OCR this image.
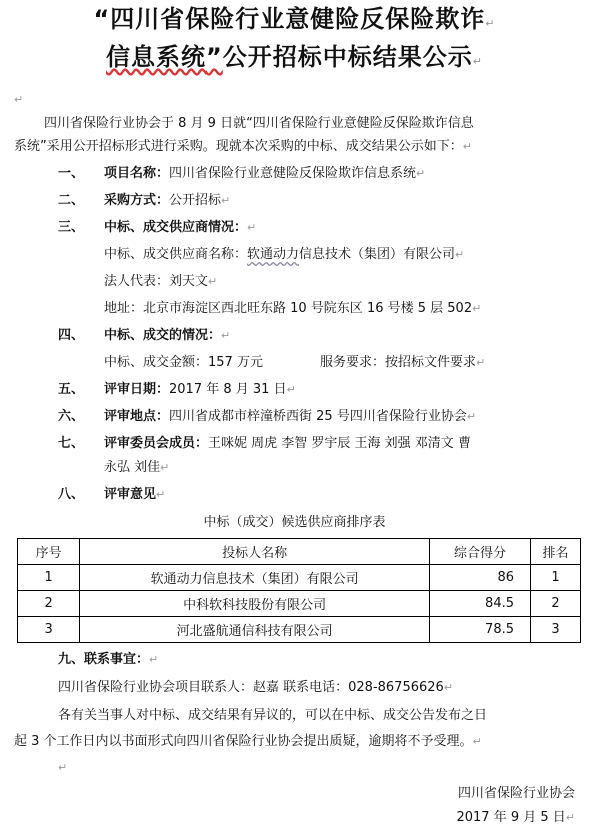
“四川省保险行业意健险反保险欺诈↵
信息系统”公开招标中标结果公示↵
↵
四川省保险行业协会于 8 月 9 日就“四川省保险行业意健险反保险欺诈信息
系统”采用公开招标形式进行采购。现就本次采购的中标、成交结果公示如下：↵
一、 项目名称：四川省保险行业意健险反保险欺诈信息系统↵
二、 采购方式：公开招标↵
三、 中标、成交供应商情况：↵
中标、成交供应商名称：软通动力信息技术（集团）有限公司↵
法人代表：刘天文↵
地址：北京市海淀区西北旺东路 10 号院东区 16 号楼 5 层 502↵
四、 中标、成交的情况：↵
中标、成交金额：157 万元	服务要求：按招标文件要求↵
五、 评审日期：2017 年 8 月 31 日↵
六、 评审地点：四川省成都市梓潼桥西街 25 号四川省保险行业协会↵
七、 评审委员会成员：王咪妮 周虎 李智 罗宇辰 王海 刘强 邓清文 曹
永弘 刘佳↵
八、 评审意见↵
中标（成交）候选供应商排序表
序号	投标人名称	综合得分	排名
1	软通动力信息技术（集团）有限公司	86	1
2	中科软科技股份有限公司	84.5	2
3	河北盛航通信科技有限公司	78.5	3
九、联系事宜：↵
四川省保险行业协会项目联系人：赵嘉 联系电话：028-86756626↵
各有关当事人对中标、成交结果有异议的，可以在中标、成交公告发布之日
起 3 个工作日内以书面形式向四川省保险行业协会提出质疑，逾期将不予受理。↵
↵
四川省保险行业协会
2017 年 9 月 5 日↵
